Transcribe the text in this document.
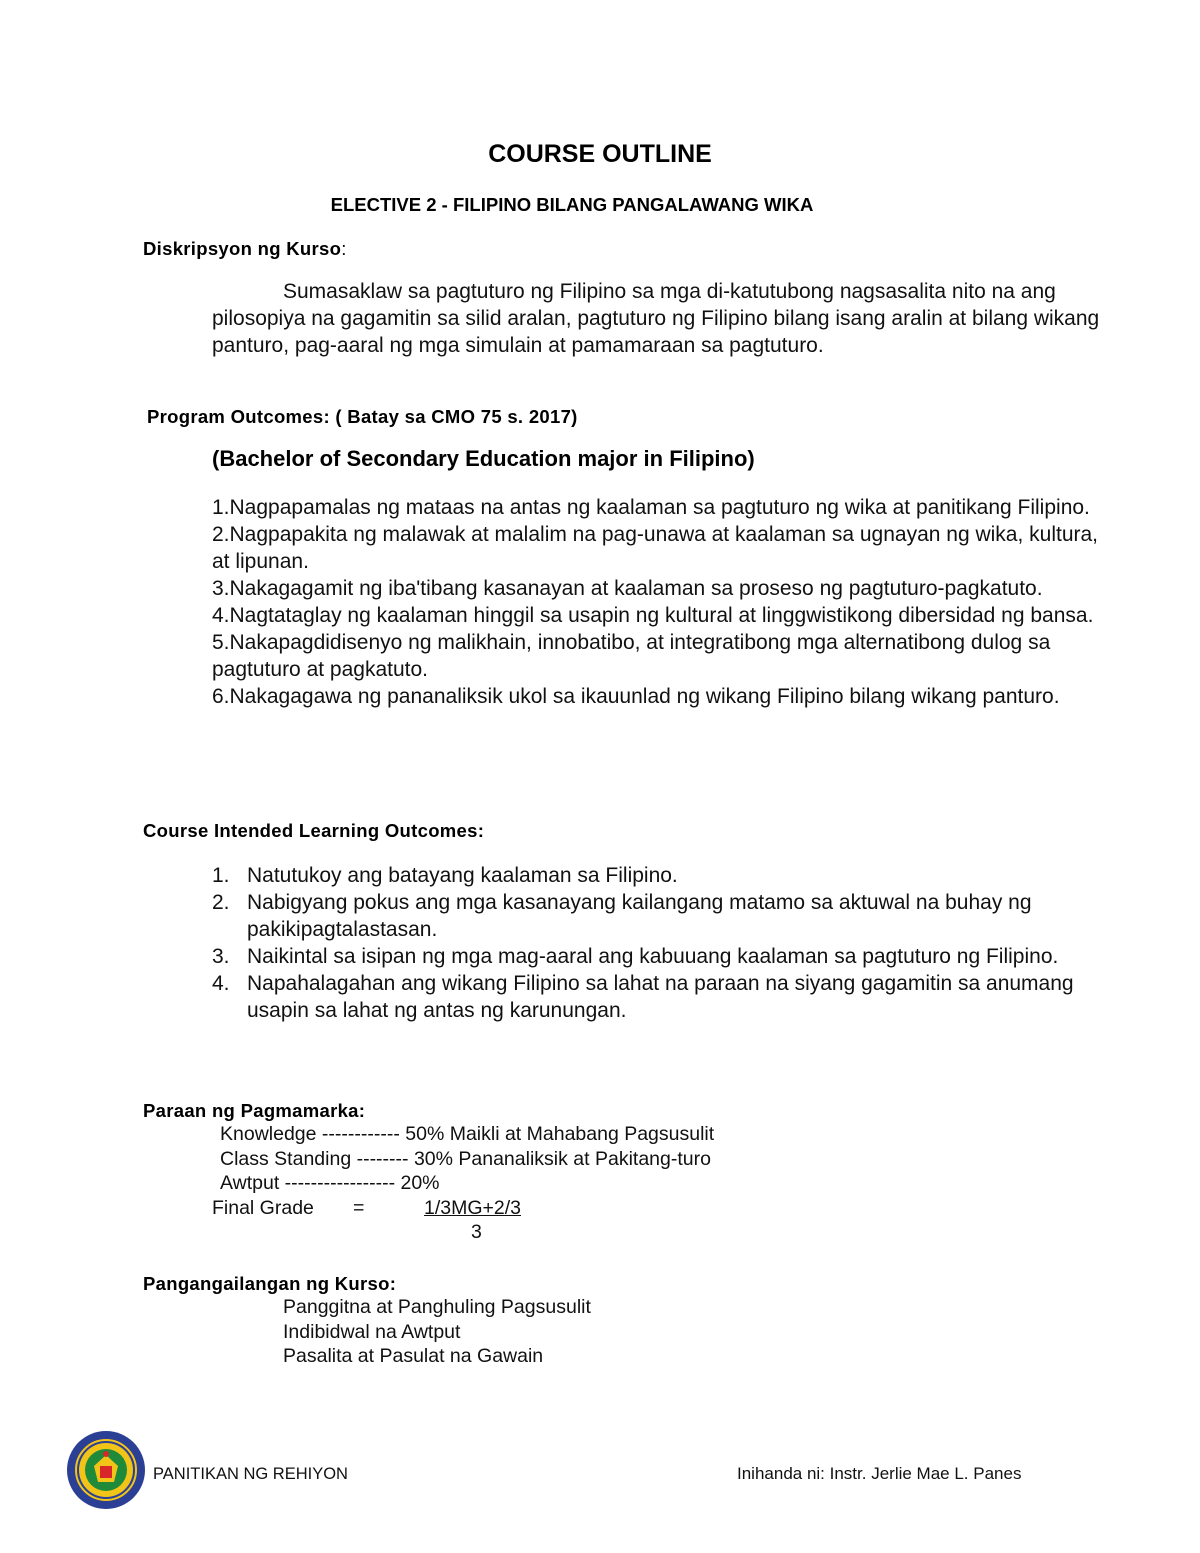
COURSE OUTLINE
ELECTIVE 2 - FILIPINO BILANG PANGALAWANG WIKA
Diskripsyon ng Kurso:
Sumasaklaw sa pagtuturo ng Filipino sa mga di-katutubong nagsasalita nito na ang pilosopiya na gagamitin sa silid aralan, pagtuturo ng Filipino bilang isang aralin at bilang wikang panturo, pag-aaral ng mga simulain at pamamaraan sa pagtuturo.
Program Outcomes: ( Batay sa CMO 75 s. 2017)
(Bachelor of Secondary Education major in Filipino)
1.Nagpapamalas ng mataas na antas ng kaalaman sa pagtuturo ng wika at panitikang Filipino.
2.Nagpapakita ng malawak at malalim na pag-unawa at kaalaman sa ugnayan ng wika, kultura, at lipunan.
3.Nakagagamit ng iba'tibang kasanayan at kaalaman sa proseso ng pagtuturo-pagkatuto.
4.Nagtataglay ng kaalaman hinggil sa usapin ng kultural at linggwistikong dibersidad ng bansa.
5.Nakapagdidisenyo ng malikhain, innobatibo, at integratibong mga alternatibong dulog sa pagtuturo at pagkatuto.
6.Nakagagawa ng pananaliksik ukol sa ikauunlad ng wikang Filipino bilang wikang panturo.
Course Intended Learning Outcomes:
1. Natutukoy ang batayang kaalaman sa Filipino.
2. Nabigyang pokus ang mga kasanayang kailangang matamo sa aktuwal na buhay ng pakikipagtalastasan.
3. Naikintal sa isipan ng mga mag-aaral ang kabuuang kaalaman sa pagtuturo ng Filipino.
4. Napahalagahan ang wikang Filipino sa lahat na paraan na siyang gagamitin sa anumang usapin sa lahat ng antas ng karunungan.
Paraan ng Pagmamarka:
Knowledge ------------ 50% Maikli at Mahabang Pagsusulit
Class Standing -------- 30% Pananaliksik at Pakitang-turo
Awtput ----------------- 20%
Final Grade =	1/3MG+2/3
3
Pangangailangan ng Kurso:
Panggitna at Panghuling Pagsusulit
Indibidwal na Awtput
Pasalita at Pasulat na Gawain
PANITIKAN NG REHIYON	Inihanda ni: Instr. Jerlie Mae L. Panes
